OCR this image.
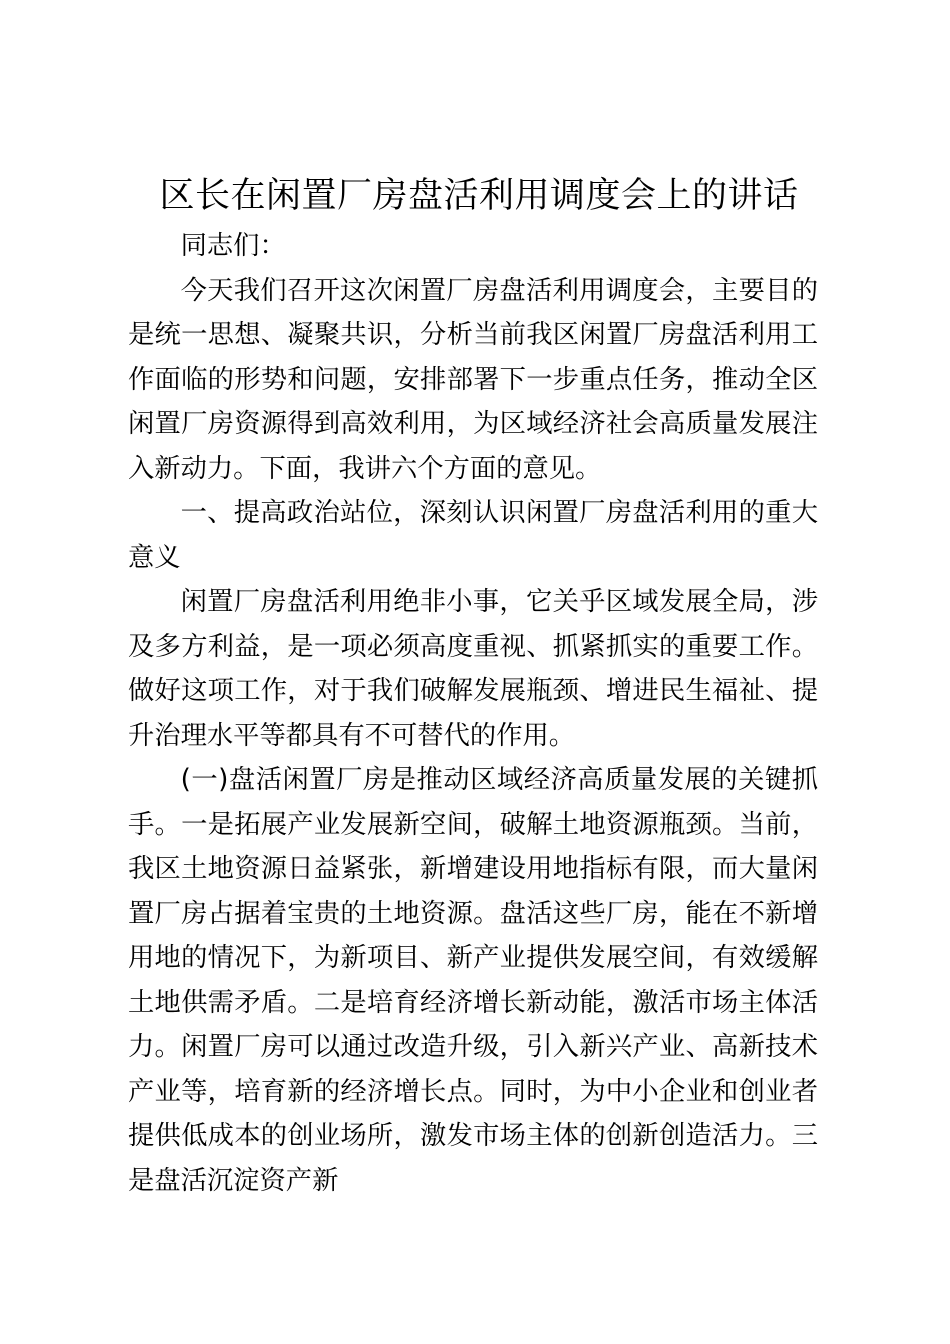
区长在闲置厂房盘活利用调度会上的讲话

同志们：

今天我们召开这次闲置厂房盘活利用调度会，主要目的是统一思想、凝聚共识，分析当前我区闲置厂房盘活利用工作面临的形势和问题，安排部署下一步重点任务，推动全区闲置厂房资源得到高效利用，为区域经济社会高质量发展注入新动力。下面，我讲六个方面的意见。

一、提高政治站位，深刻认识闲置厂房盘活利用的重大意义

闲置厂房盘活利用绝非小事，它关乎区域发展全局，涉及多方利益，是一项必须高度重视、抓紧抓实的重要工作。做好这项工作，对于我们破解发展瓶颈、增进民生福祉、提升治理水平等都具有不可替代的作用。

(一)盘活闲置厂房是推动区域经济高质量发展的关键抓手。一是拓展产业发展新空间，破解土地资源瓶颈。当前，我区土地资源日益紧张，新增建设用地指标有限，而大量闲置厂房占据着宝贵的土地资源。盘活这些厂房，能在不新增用地的情况下，为新项目、新产业提供发展空间，有效缓解土地供需矛盾。二是培育经济增长新动能，激活市场主体活力。闲置厂房可以通过改造升级，引入新兴产业、高新技术产业等，培育新的经济增长点。同时，为中小企业和创业者提供低成本的创业场所，激发市场主体的创新创造活力。三是盘活沉淀资产新
